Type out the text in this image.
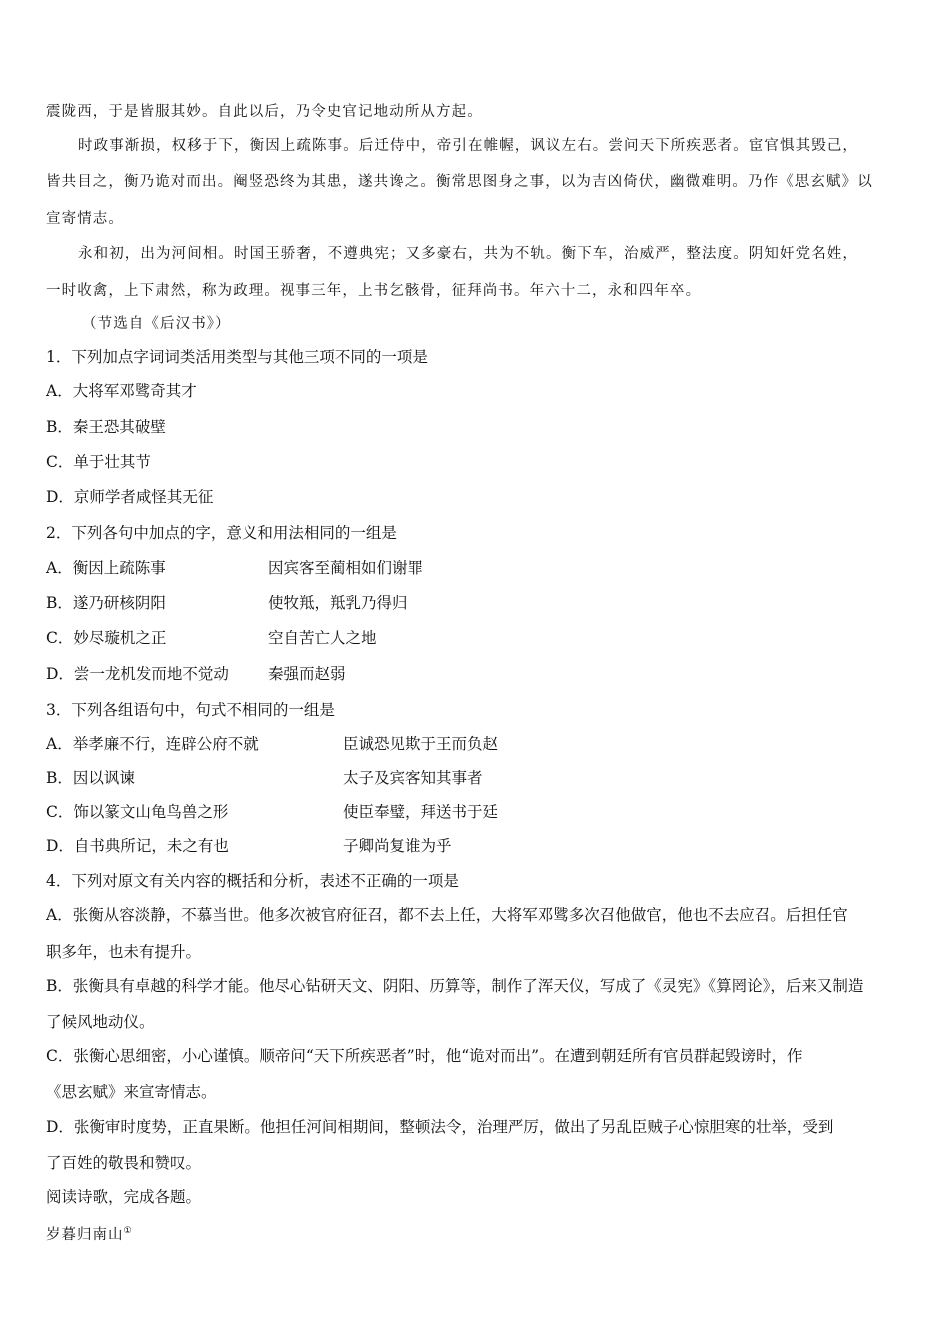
震陇西，于是皆服其妙。自此以后，乃令史官记地动所从方起。
时政事渐损，权移于下，衡因上疏陈事。后迁侍中，帝引在帷幄，讽议左右。尝问天下所疾恶者。宦官惧其毁己，
皆共目之，衡乃诡对而出。阉竖恐终为其患，遂共谗之。衡常思图身之事，以为吉凶倚伏，幽微难明。乃作《思玄赋》以
宣寄情志。
永和初，出为河间相。时国王骄奢，不遵典宪；又多豪右，共为不轨。衡下车，治威严，整法度。阴知奸党名姓，
一时收禽，上下肃然，称为政理。视事三年，上书乞骸骨，征拜尚书。年六十二，永和四年卒。
（节选自《后汉书》）
1．下列加点字词词类活用类型与其他三项不同的一项是
A．大将军邓骘奇其才
B．秦王恐其破壁
C．单于壮其节
D．京师学者咸怪其无征
2．下列各句中加点的字，意义和用法相同的一组是
A．衡因上疏陈事	因宾客至蔺相如们谢罪
B．遂乃研核阴阳	使牧羝，羝乳乃得归
C．妙尽璇机之正	空自苦亡人之地
D．尝一龙机发而地不觉动	秦强而赵弱
3．下列各组语句中，句式不相同的一组是
A．举孝廉不行，连辟公府不就	臣诚恐见欺于王而负赵
B．因以讽谏	太子及宾客知其事者
C．饰以篆文山龟鸟兽之形	使臣奉璧，拜送书于廷
D．自书典所记，未之有也	子卿尚复谁为乎
4．下列对原文有关内容的概括和分析，表述不正确的一项是
A．张衡从容淡静，不慕当世。他多次被官府征召，都不去上任，大将军邓骘多次召他做官，他也不去应召。后担任官
职多年，也未有提升。
B．张衡具有卓越的科学才能。他尽心钻研天文、阴阳、历算等，制作了浑天仪，写成了《灵宪》《算罔论》，后来又制造
了候风地动仪。
C．张衡心思细密，小心谨慎。顺帝问“天下所疾恶者”时，他“诡对而出”。在遭到朝廷所有官员群起毁谤时，作
《思玄赋》来宣寄情志。
D．张衡审时度势，正直果断。他担任河间相期间，整顿法令，治理严厉，做出了另乱臣贼子心惊胆寒的壮举，受到
了百姓的敬畏和赞叹。
阅读诗歌，完成各题。
岁暮归南山①
